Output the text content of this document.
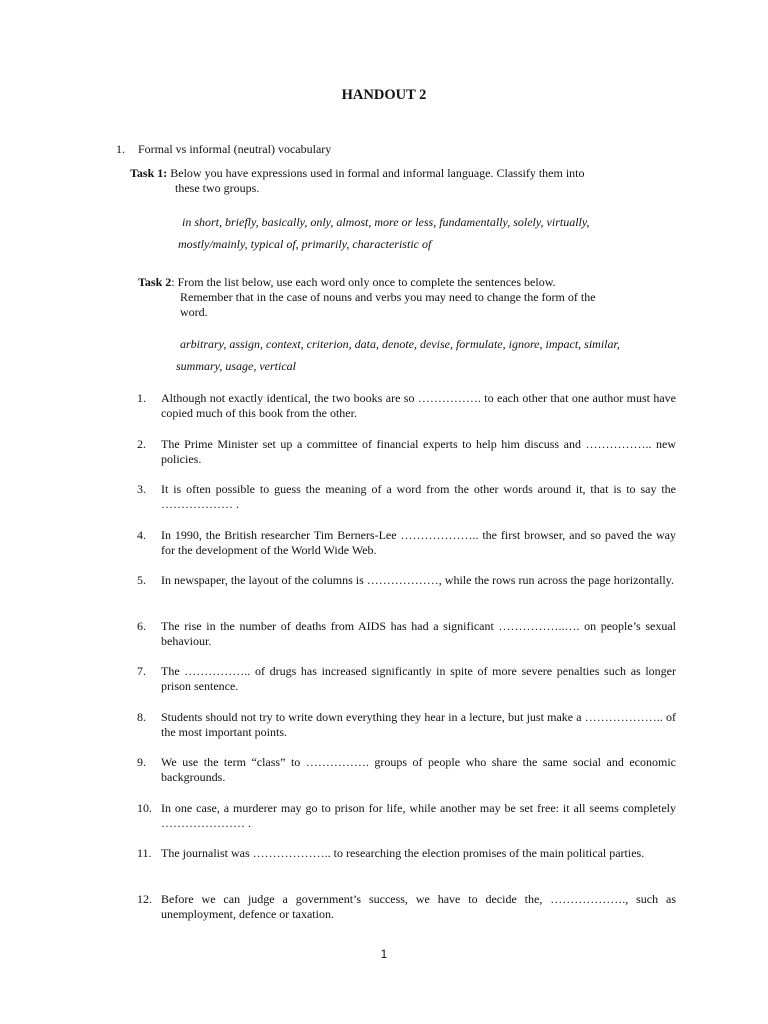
HANDOUT 2
1. Formal vs informal (neutral) vocabulary
Task 1: Below you have expressions used in formal and informal language. Classify them into
these two groups.
in short, briefly, basically, only, almost, more or less, fundamentally, solely, virtually,
mostly/mainly, typical of, primarily, characteristic of
Task 2: From the list below, use each word only once to complete the sentences below.
Remember that in the case of nouns and verbs you may need to change the form of the
word.
arbitrary, assign, context, criterion, data, denote, devise, formulate, ignore, impact, similar,
summary, usage, vertical
1.	Although not exactly identical, the two books are so ……………. to each other that one author must have copied much of this book from the other.
2.	The Prime Minister set up a committee of financial experts to help him discuss and …………….. new policies.
3.	It is often possible to guess the meaning of a word from the other words around it, that is to say the ……………… .
4.	In 1990, the British researcher Tim Berners-Lee ……………….. the first browser, and so paved the way for the development of the World Wide Web.
5.	In newspaper, the layout of the columns is ………………, while the rows run across the page horizontally.
6.	The rise in the number of deaths from AIDS has had a significant ……………..…. on people’s sexual behaviour.
7.	The …………….. of drugs has increased significantly in spite of more severe penalties such as longer prison sentence.
8.	Students should not try to write down everything they hear in a lecture, but just make a ……………….. of the most important points.
9.	We use the term “class” to ……………. groups of people who share the same social and economic backgrounds.
10. In one case, a murderer may go to prison for life, while another may be set free: it all seems completely ………………… .
11. The journalist was ……………….. to researching the election promises of the main political parties.
12. Before we can judge a government’s success, we have to decide the, ………………., such as unemployment, defence or taxation.
1
